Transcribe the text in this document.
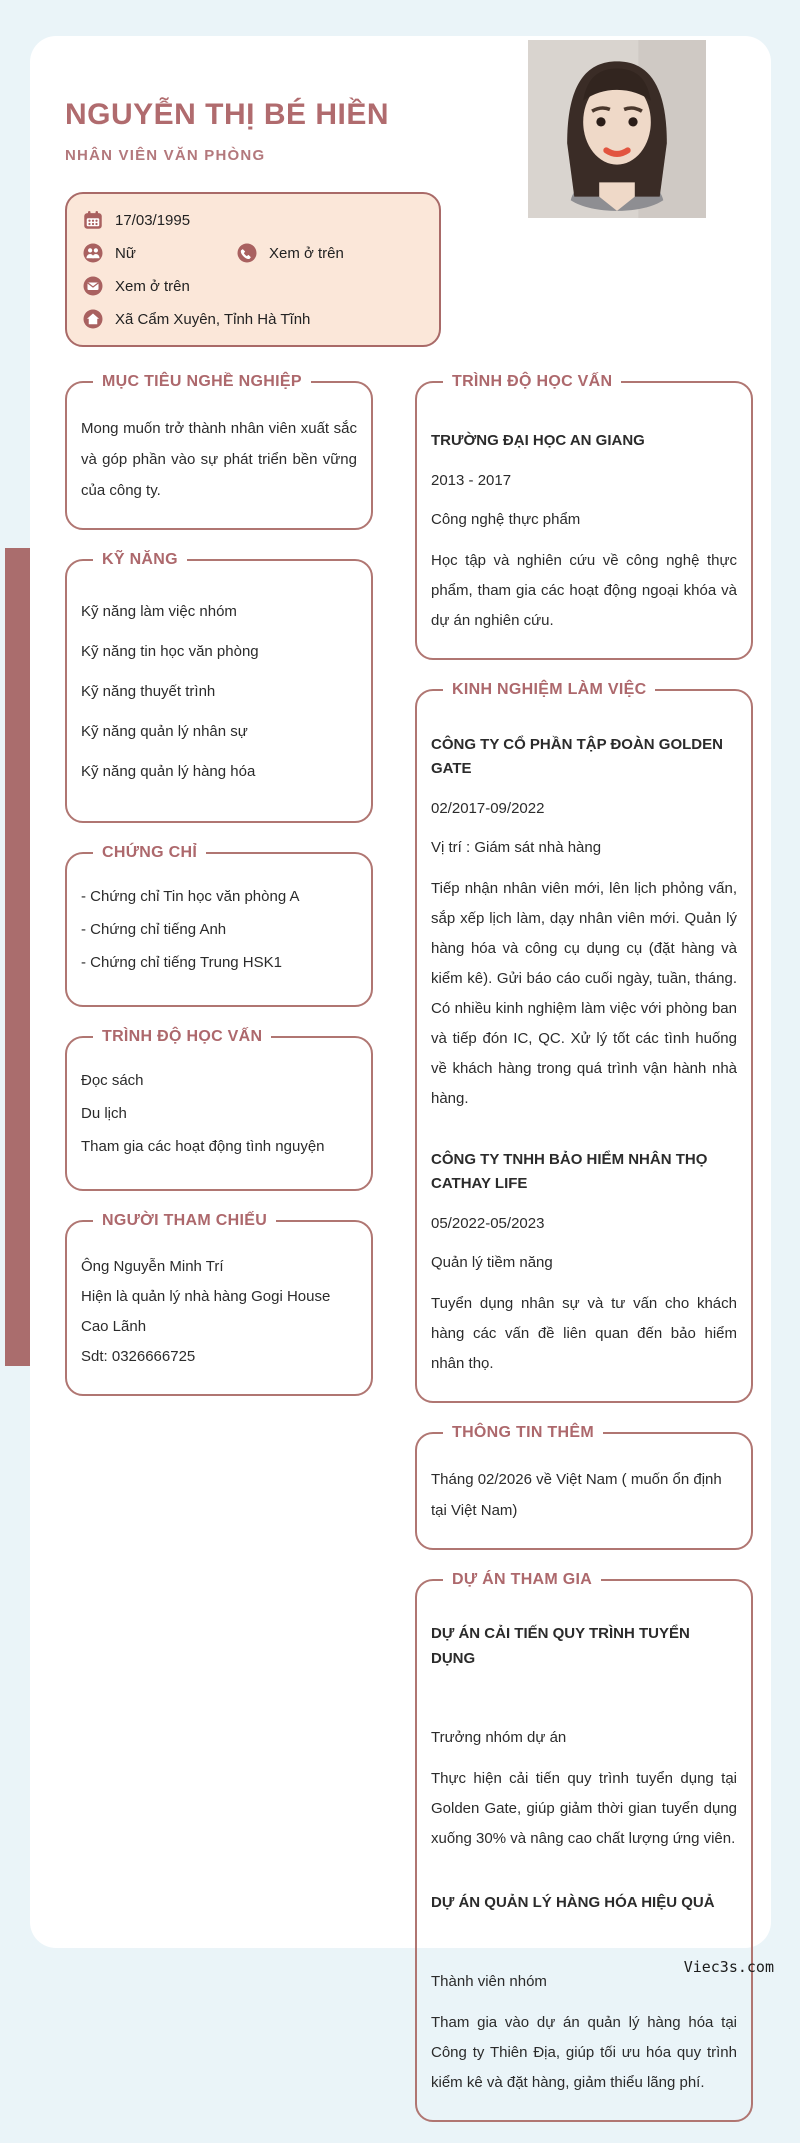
NGUYỄN THỊ BÉ HIỀN
NHÂN VIÊN VĂN PHÒNG
17/03/1995
Nữ	Xem ở trên
Xem ở trên
Xã Cẩm Xuyên, Tỉnh Hà Tĩnh
MỤC TIÊU NGHỀ NGHIỆP

Mong muốn trở thành nhân viên xuất sắc và góp phần vào sự phát triển bền vững của công ty.

KỸ NĂNG
Kỹ năng làm việc nhóm
Kỹ năng tin học văn phòng
Kỹ năng thuyết trình
Kỹ năng quản lý nhân sự
Kỹ năng quản lý hàng hóa
CHỨNG CHỈ
- Chứng chỉ Tin học văn phòng A
- Chứng chỉ tiếng Anh
- Chứng chỉ tiếng Trung HSK1
TRÌNH ĐỘ HỌC VẤN
Đọc sách
Du lịch
Tham gia các hoạt động tình nguyện
NGƯỜI THAM CHIẾU
Ông Nguyễn Minh Trí
Hiện là quản lý nhà hàng Gogi House Cao Lãnh
Sdt: 0326666725
TRÌNH ĐỘ HỌC VẤN

TRƯỜNG ĐẠI HỌC AN GIANG

2013 - 2017

Công nghệ thực phẩm

Học tập và nghiên cứu về công nghệ thực phẩm, tham gia các hoạt động ngoại khóa và dự án nghiên cứu.

KINH NGHIỆM LÀM VIỆC

CÔNG TY CỔ PHẦN TẬP ĐOÀN GOLDEN GATE

02/2017-09/2022

Vị trí : Giám sát nhà hàng

Tiếp nhận nhân viên mới, lên lịch phỏng vấn, sắp xếp lịch làm, dạy nhân viên mới. Quản lý hàng hóa và công cụ dụng cụ (đặt hàng và kiểm kê). Gửi báo cáo cuối ngày, tuần, tháng. Có nhiều kinh nghiệm làm việc với phòng ban và tiếp đón IC, QC. Xử lý tốt các tình huống về khách hàng trong quá trình vận hành nhà hàng.

CÔNG TY TNHH BẢO HIỂM NHÂN THỌ CATHAY LIFE

05/2022-05/2023

Quản lý tiềm năng

Tuyển dụng nhân sự và tư vấn cho khách hàng các vấn đề liên quan đến bảo hiểm nhân thọ.

THÔNG TIN THÊM

Tháng 02/2026 về Việt Nam ( muốn ổn định tại Việt Nam)

DỰ ÁN THAM GIA

DỰ ÁN CẢI TIẾN QUY TRÌNH TUYỂN DỤNG

Trưởng nhóm dự án

Thực hiện cải tiến quy trình tuyển dụng tại Golden Gate, giúp giảm thời gian tuyển dụng xuống 30% và nâng cao chất lượng ứng viên.

DỰ ÁN QUẢN LÝ HÀNG HÓA HIỆU QUẢ

Thành viên nhóm

Tham gia vào dự án quản lý hàng hóa tại Công ty Thiên Địa, giúp tối ưu hóa quy trình kiểm kê và đặt hàng, giảm thiểu lãng phí.

Viec3s.com
